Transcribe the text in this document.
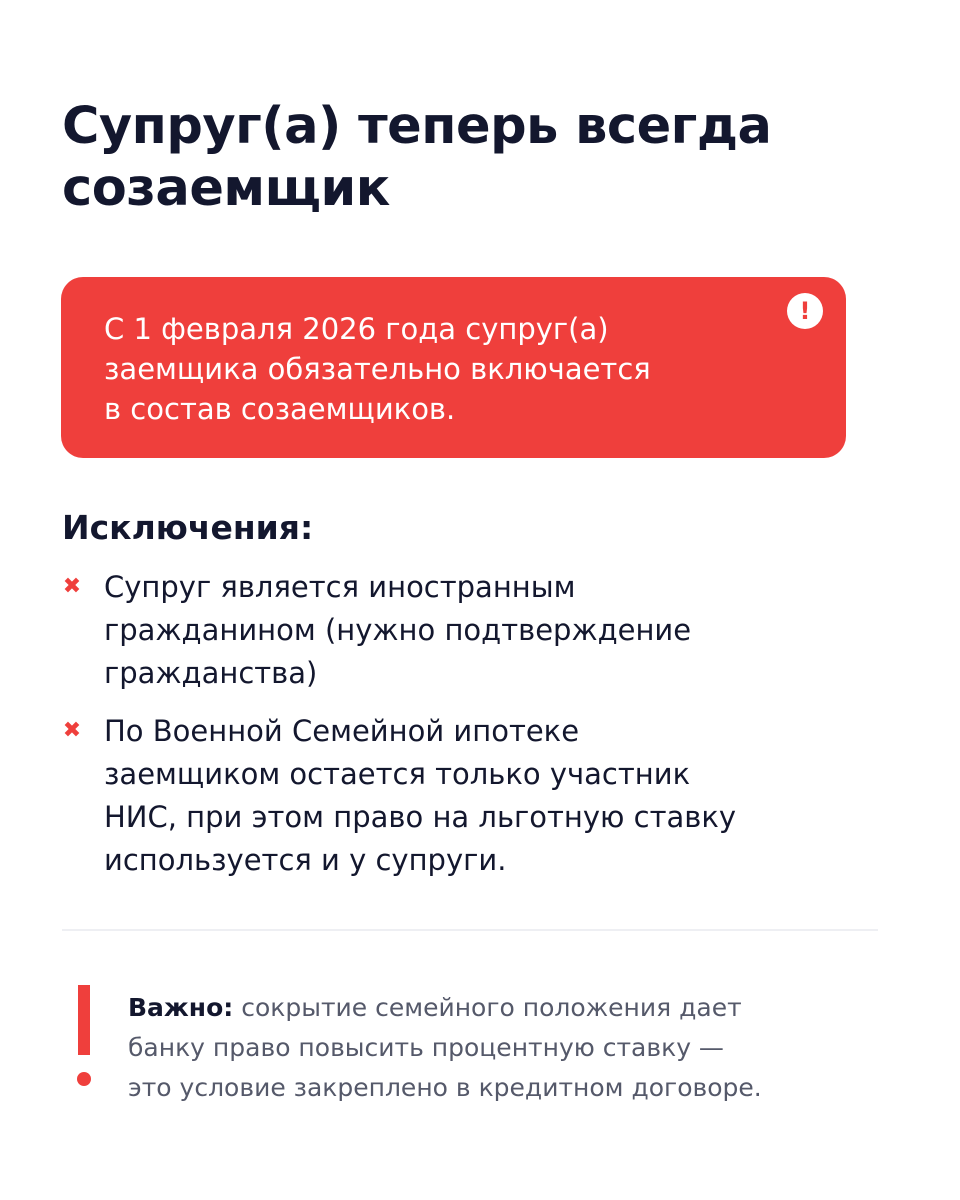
Супруг(а) теперь всегда
созаемщик
С 1 февраля 2026 года супруг(а)
заемщика обязательно включается
в состав созаемщиков.
!
Исключения:
✖ Супруг является иностранным
гражданином (нужно подтверждение
гражданства)
✖ По Военной Семейной ипотеке
заемщиком остается только участник
НИС, при этом право на льготную ставку
используется и у супруги.

Важно: сокрытие семейного положения дает
банку право повысить процентную ставку —
это условие закреплено в кредитном договоре.
